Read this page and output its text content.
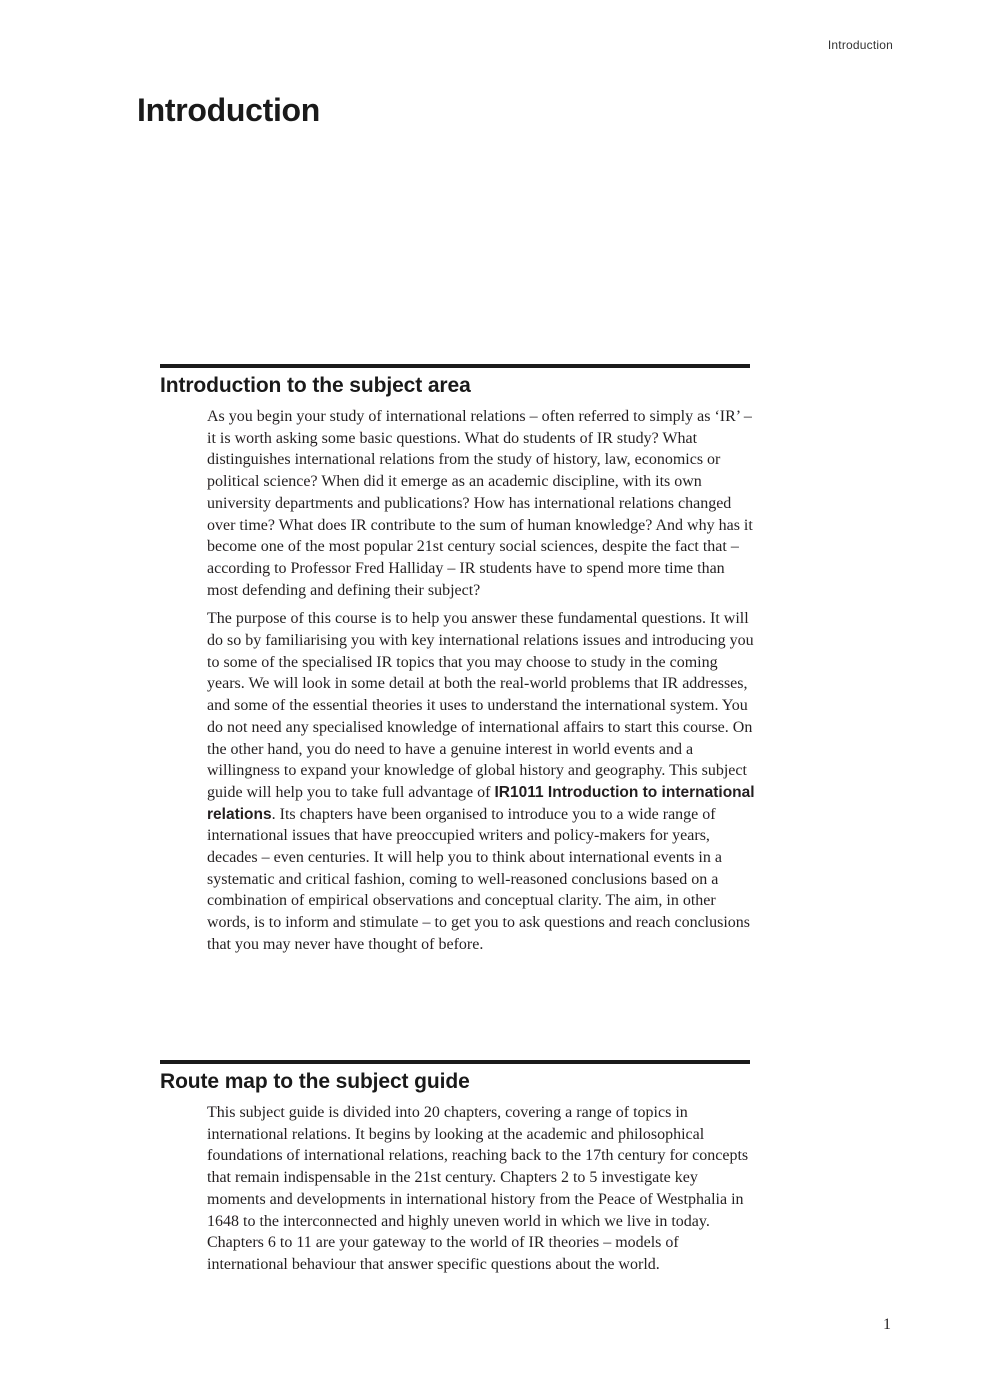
Introduction
Introduction
Introduction to the subject area

As you begin your study of international relations – often referred to simply as ‘IR’ – it is worth asking some basic questions. What do students of IR study? What distinguishes international relations from the study of history, law, economics or political science? When did it emerge as an academic discipline, with its own university departments and publications? How has international relations changed over time? What does IR contribute to the sum of human knowledge? And why has it become one of the most popular 21st century social sciences, despite the fact that – according to Professor Fred Halliday – IR students have to spend more time than most defending and defining their subject?

The purpose of this course is to help you answer these fundamental questions. It will do so by familiarising you with key international relations issues and introducing you to some of the specialised IR topics that you may choose to study in the coming years. We will look in some detail at both the real-world problems that IR addresses, and some of the essential theories it uses to understand the international system. You do not need any specialised knowledge of international affairs to start this course. On the other hand, you do need to have a genuine interest in world events and a willingness to expand your knowledge of global history and geography. This subject guide will help you to take full advantage of IR1011 Introduction to international relations. Its chapters have been organised to introduce you to a wide range of international issues that have preoccupied writers and policy-makers for years, decades – even centuries. It will help you to think about international events in a systematic and critical fashion, coming to well-reasoned conclusions based on a combination of empirical observations and conceptual clarity. The aim, in other words, is to inform and stimulate – to get you to ask questions and reach conclusions that you may never have thought of before.

Route map to the subject guide

This subject guide is divided into 20 chapters, covering a range of topics in international relations. It begins by looking at the academic and philosophical foundations of international relations, reaching back to the 17th century for concepts that remain indispensable in the 21st century. Chapters 2 to 5 investigate key moments and developments in international history from the Peace of Westphalia in 1648 to the interconnected and highly uneven world in which we live in today. Chapters 6 to 11 are your gateway to the world of IR theories – models of international behaviour that answer specific questions about the world.

1
